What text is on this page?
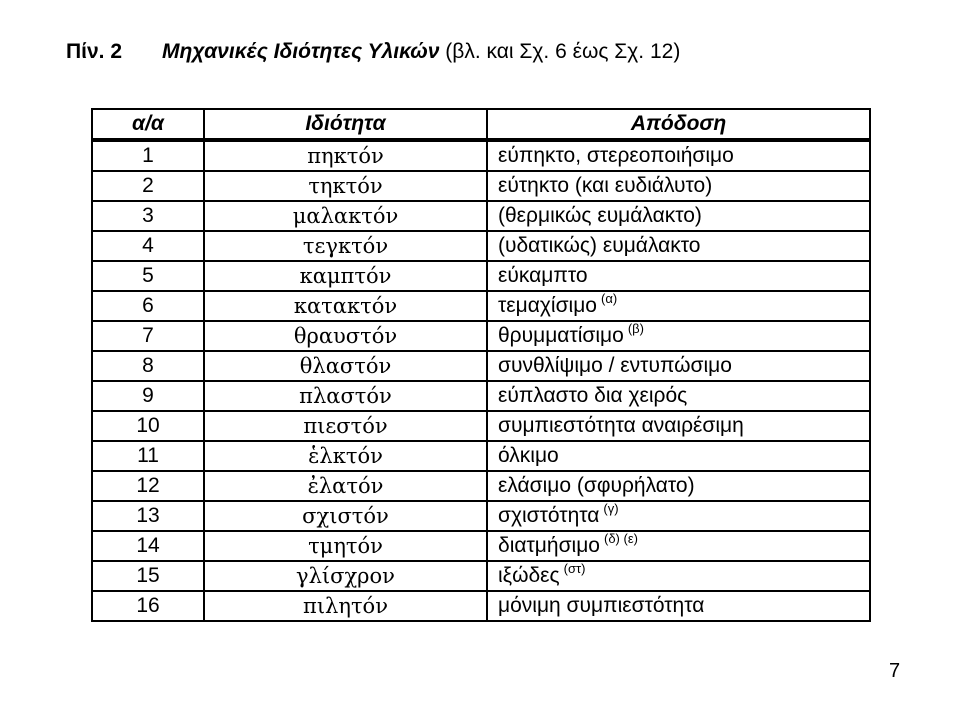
Πίν. 2 Μηχανικές Ιδιότητες Υλικών (βλ. και Σχ. 6 έως Σχ. 12)
α/α	Ιδιότητα	Απόδοση
1	πηκτόν	εύπηκτο, στερεοποιήσιμο
2	τηκτόν	εύτηκτο (και ευδιάλυτο)
3	μαλακτόν	(θερμικώς ευμάλακτο)
4	τεγκτόν	(υδατικώς) ευμάλακτο
5	καμπτόν	εύκαμπτο
6	κατακτόν	τεμαχίσιμο $^{(\alpha)}$
7	θραυστόν	θρυμματίσιμο $^{(\beta)}$
8	θλαστόν	συνθλίψιμο / εντυπώσιμο
9	πλαστόν	εύπλαστο δια χειρός
10	πιεστόν	συμπιεστότητα αναιρέσιμη
11	ἑλκτόν	όλκιμο
12	ἐλατόν	ελάσιμο (σφυρήλατο)
13	σχιστόν	σχιστότητα $^{(\gamma)}$
14	τμητόν	διατμήσιμο $^{(\delta) (\varepsilon)}$
15	γλίσχρον	ιξώδες $^{(\sigma\tau)}$
16	πιλητόν	μόνιμη συμπιεστότητα
7
